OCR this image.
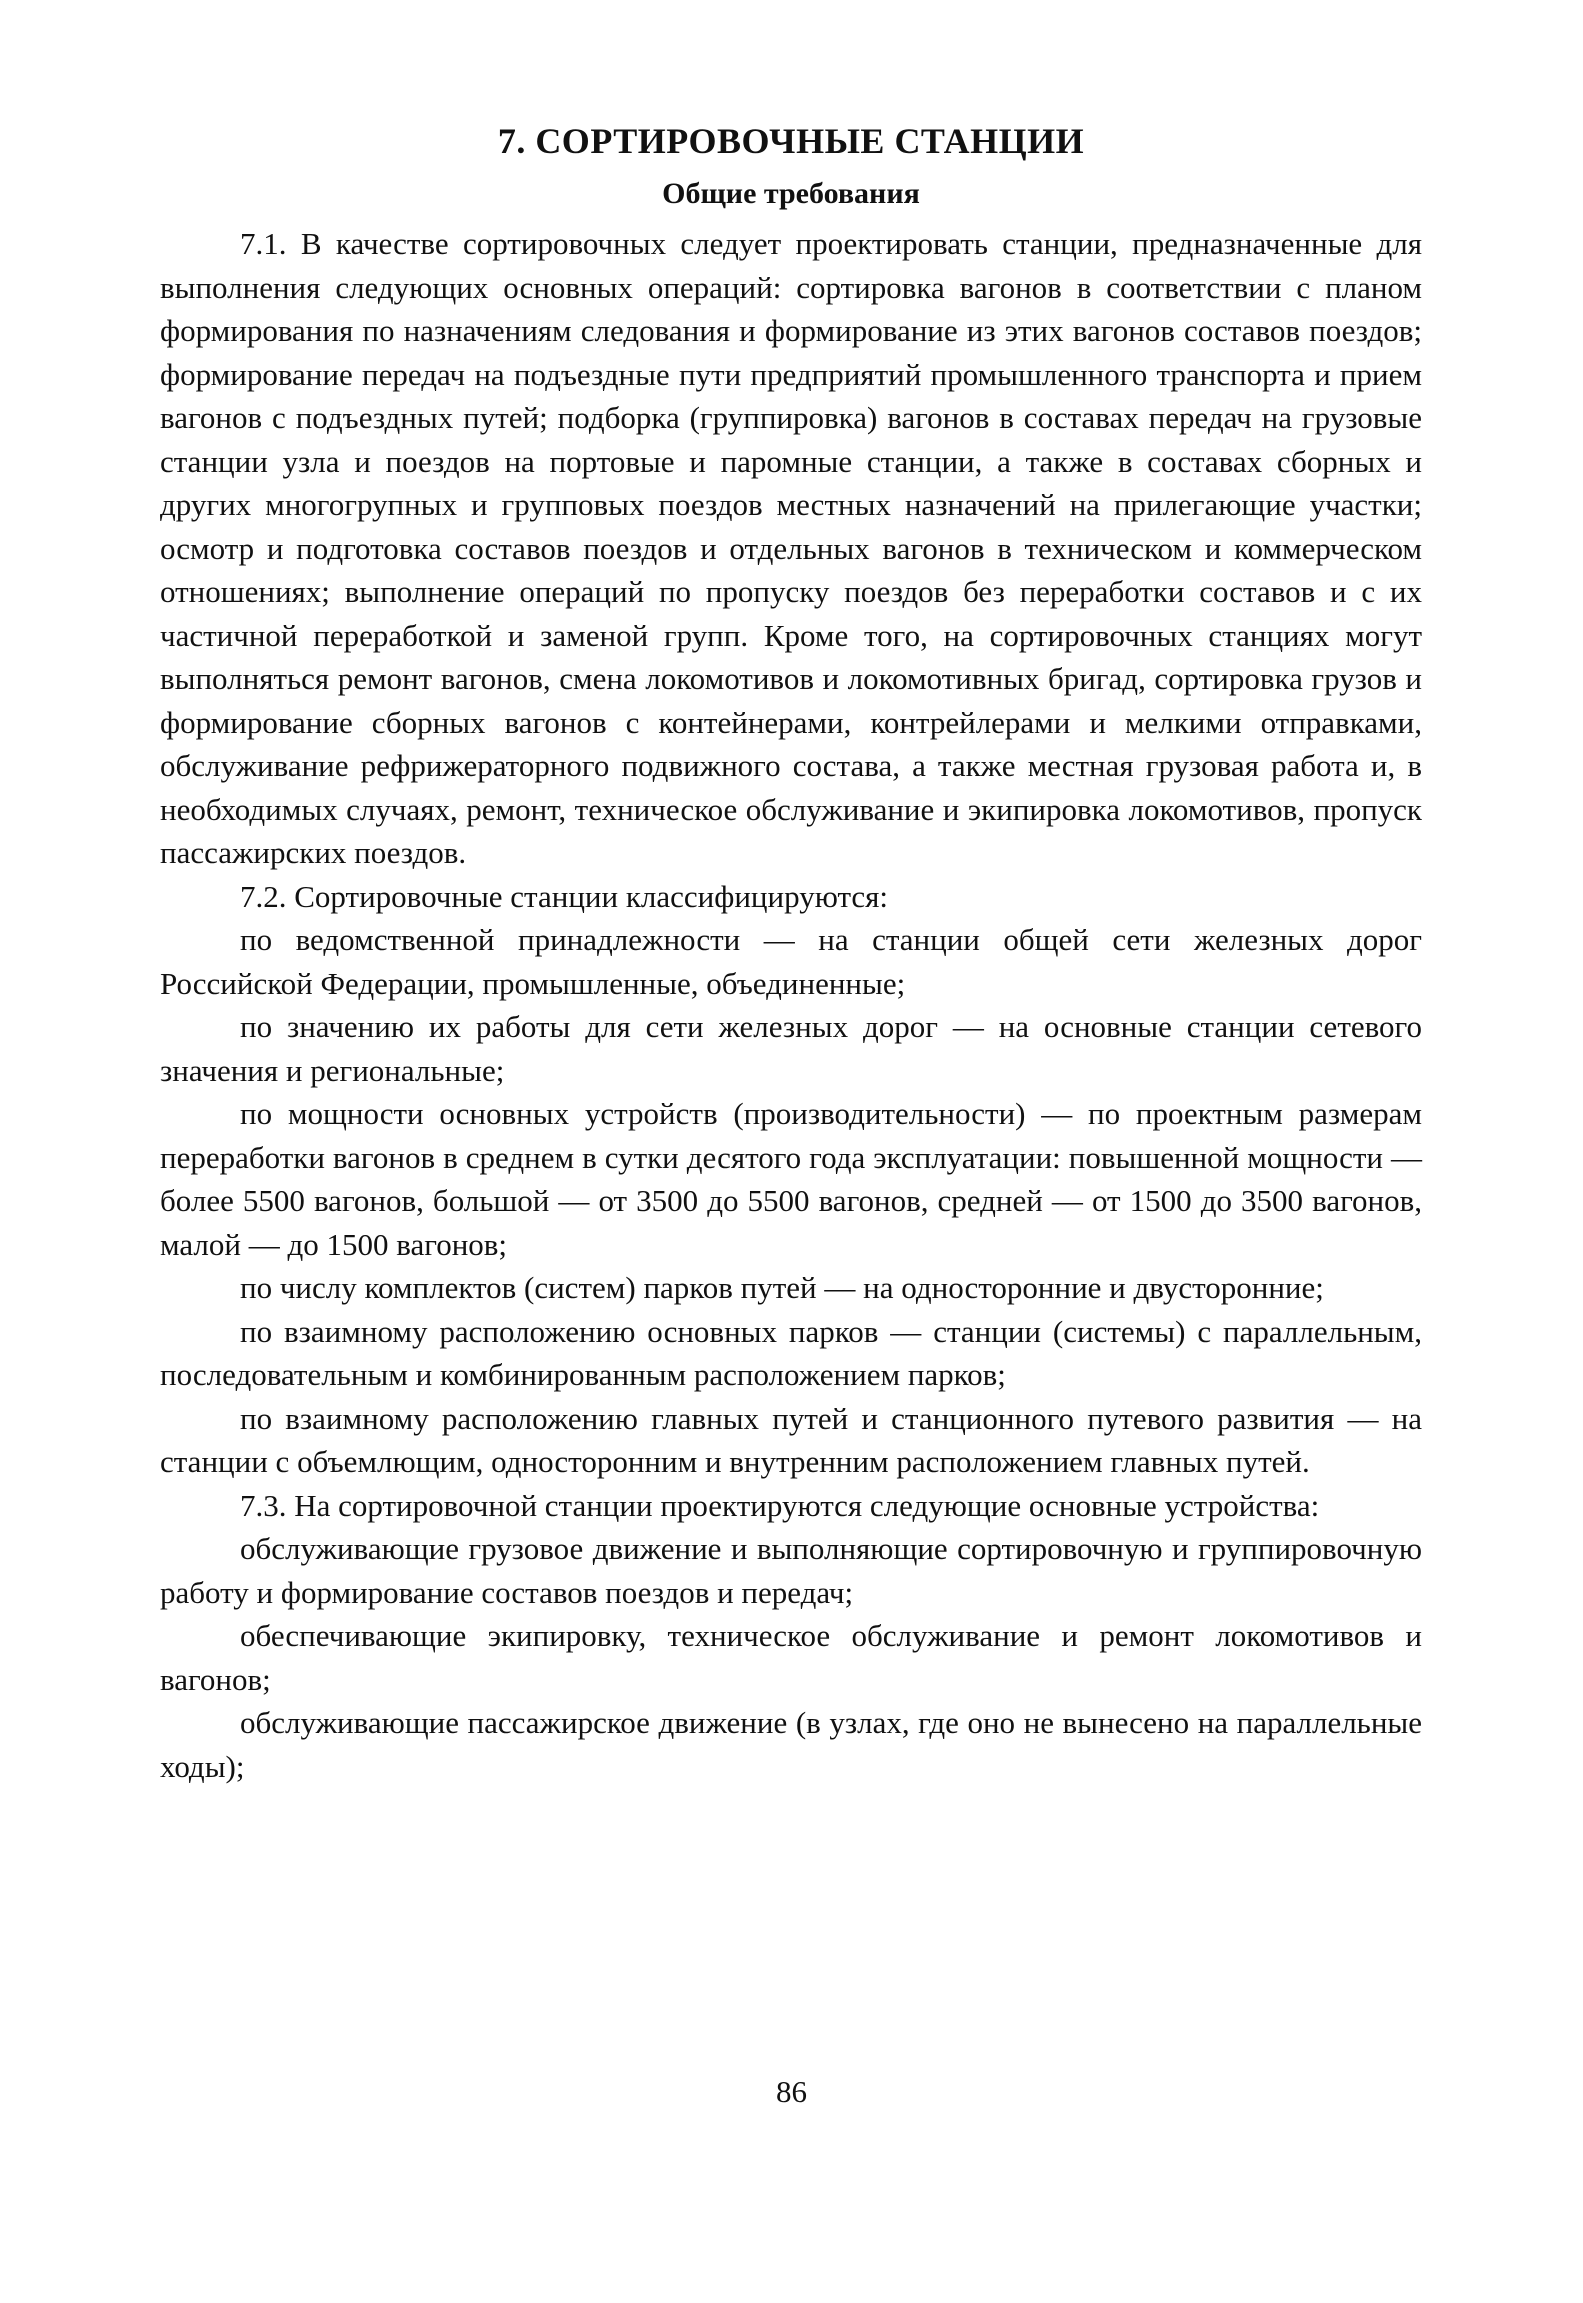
7. СОРТИРОВОЧНЫЕ СТАНЦИИ
Общие требования

7.1. В качестве сортировочных следует проектировать станции, предназначенные для выполнения следующих основных операций: сортировка вагонов в соответствии с планом формирования по назначениям следования и формирование из этих вагонов составов поездов; формирование передач на подъездные пути предприятий промышленного транспорта и прием вагонов с подъездных путей; подборка (группировка) вагонов в составах передач на грузовые станции узла и поездов на портовые и паромные станции, а также в составах сборных и других многогрупных и групповых поездов местных назначений на прилегающие участки; осмотр и подготовка составов поездов и отдельных вагонов в техническом и коммерческом отношениях; выполнение операций по пропуску поездов без переработки составов и с их частичной переработкой и заменой групп. Кроме того, на сортировочных станциях могут выполняться ремонт вагонов, смена локомотивов и локомотивных бригад, сортировка грузов и формирование сборных вагонов с контейнерами, контрейлерами и мелкими отправками, обслуживание рефрижераторного подвижного состава, а также местная грузовая работа и, в необходимых случаях, ремонт, техническое обслуживание и экипировка локомотивов, пропуск пассажирских поездов.

7.2. Сортировочные станции классифицируются:

по ведомственной принадлежности — на станции общей сети железных дорог Российской Федерации, промышленные, объединенные;

по значению их работы для сети железных дорог — на основные станции сетевого значения и региональные;

по мощности основных устройств (производительности) — по проектным размерам переработки вагонов в среднем в сутки десятого года эксплуатации: повышенной мощности — более 5500 вагонов, большой — от 3500 до 5500 вагонов, средней — от 1500 до 3500 вагонов, малой — до 1500 вагонов;

по числу комплектов (систем) парков путей — на односторонние и двусторонние;

по взаимному расположению основных парков — станции (системы) с параллельным, последовательным и комбинированным расположением парков;

по взаимному расположению главных путей и станционного путевого развития — на станции с объемлющим, односторонним и внутренним расположением главных путей.

7.3. На сортировочной станции проектируются следующие основные устройства:

обслуживающие грузовое движение и выполняющие сортировочную и группировочную работу и формирование составов поездов и передач;

обеспечивающие экипировку, техническое обслуживание и ремонт локомотивов и вагонов;

обслуживающие пассажирское движение (в узлах, где оно не вынесено на параллельные ходы);

86
